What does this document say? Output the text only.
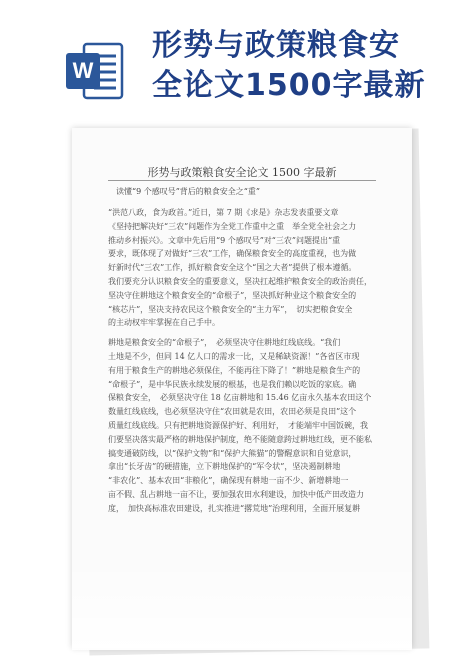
W
形势与政策粮食安
全论文1500字最新
形势与政策粮食安全论文 1500 字最新
读懂“9 个感叹号”背后的粮食安全之“重”
“洪范八政，食为政首。”近日，第 7 期《求是》杂志发表重要文章
《坚持把解决好“三农”问题作为全党工作重中之重　举全党全社会之力
推动乡村振兴》。文章中先后用“9 个感叹号”对“三农”问题提出“重
要求，既体现了对做好“三农”工作，确保粮食安全的高度重视，也为做
好新时代“三农”工作，抓好粮食安全这个“国之大者”提供了根本遵循。
我们要充分认识粮食安全的重要意义，坚决扛起维护粮食安全的政治责任，
坚决守住耕地这个粮食安全的“命根子”，坚决抓好种业这个粮食安全的
“核芯片”，坚决支持农民这个粮食安全的“主力军”，　切实把粮食安全
的主动权牢牢掌握在自己手中。
耕地是粮食安全的“命根子”，　必须坚决守住耕地红线底线。“我们
土地是不少，但同 14 亿人口的需求一比，又是稀缺资源！”各省区市现
有用于粮食生产的耕地必须保住，不能再往下降了！”耕地是粮食生产的
“命根子”，是中华民族永续发展的根基，也是我们赖以吃饭的家底。确
保粮食安全，　必须坚决守住 18 亿亩耕地和 15.46 亿亩永久基本农田这个
数量红线底线，也必须坚决守住“农田就是农田，农田必须是良田”这个
质量红线底线。只有把耕地资源保护好、利用好，　才能端牢中国饭碗，我
们要坚决落实最严格的耕地保护制度，绝不能随意跨过耕地红线，更不能私
搞变通破防线，以“保护文物”和“保护大熊猫”的警醒意识和自觉意识，
拿出“长牙齿”的硬措施，立下耕地保护的“军令状”，坚决遏制耕地
“非农化”、基本农田“非粮化”，确保现有耕地一亩不少、新增耕地一
亩不假、乱占耕地一亩不让，要加强农田水利建设，加快中低产田改造力
度，　加快高标准农田建设，扎实推进“撂荒地”治理利用，全面开展复耕
